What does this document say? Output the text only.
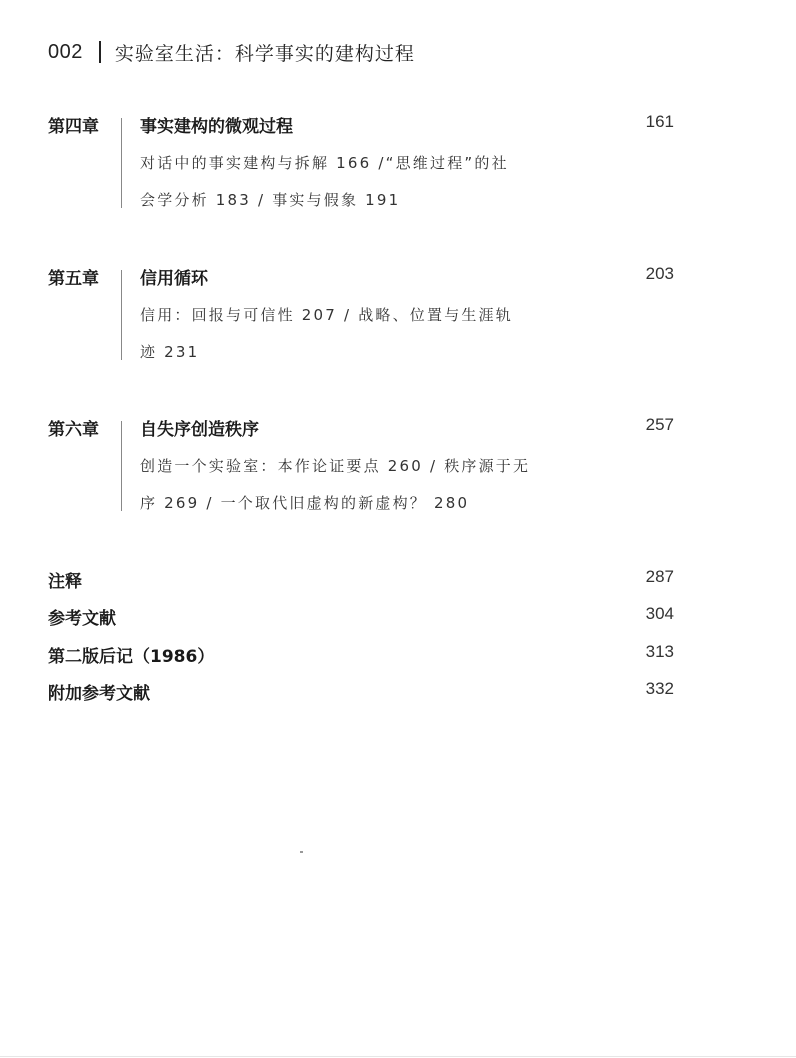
002 实验室生活：科学事实的建构过程
第四章 事实建构的微观过程	161
对话中的事实建构与拆解 166 /“思维过程”的社
会学分析 183 / 事实与假象 191
第五章 信用循环	203
信用：回报与可信性 207 / 战略、位置与生涯轨
迹 231
第六章 自失序创造秩序	257
创造一个实验室：本作论证要点 260 / 秩序源于无
序 269 / 一个取代旧虚构的新虚构？ 280
注释	287
参考文献	304
第二版后记（1986）	313
附加参考文献	332
